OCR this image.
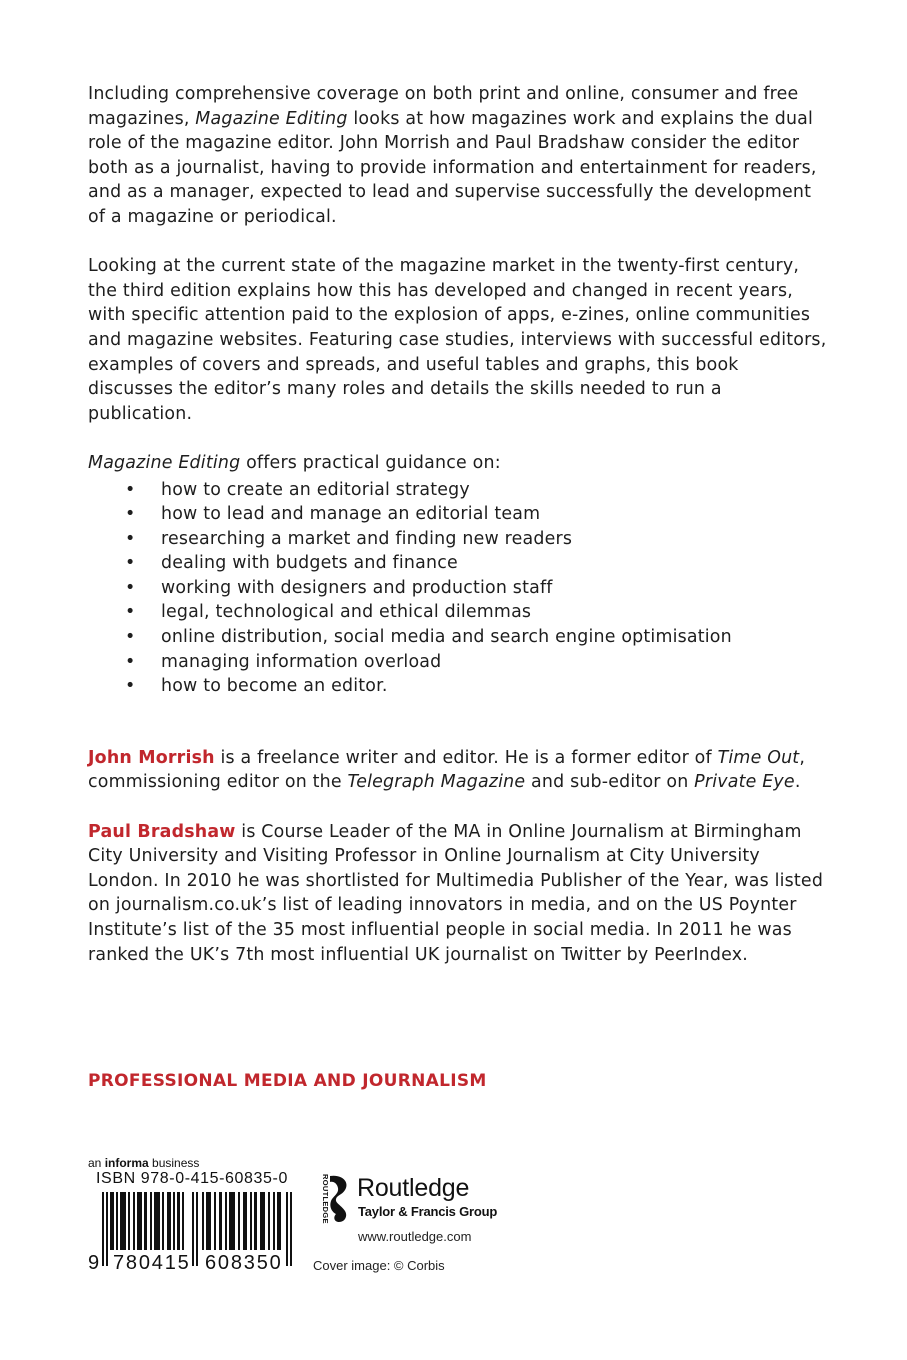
Including comprehensive coverage on both print and online, consumer and free magazines, Magazine Editing looks at how magazines work and explains the dual role of the magazine editor. John Morrish and Paul Bradshaw consider the editor both as a journalist, having to provide information and entertainment for readers, and as a manager, expected to lead and supervise successfully the development of a magazine or periodical.

Looking at the current state of the magazine market in the twenty-first century, the third edition explains how this has developed and changed in recent years, with specific attention paid to the explosion of apps, e-zines, online communities and magazine websites. Featuring case studies, interviews with successful editors, examples of covers and spreads, and useful tables and graphs, this book discusses the editor’s many roles and details the skills needed to run a publication.

Magazine Editing offers practical guidance on:

• how to create an editorial strategy
• how to lead and manage an editorial team
• researching a market and finding new readers
• dealing with budgets and finance
• working with designers and production staff
• legal, technological and ethical dilemmas
• online distribution, social media and search engine optimisation
• managing information overload
• how to become an editor.

John Morrish is a freelance writer and editor. He is a former editor of Time Out,
commissioning editor on the Telegraph Magazine and sub-editor on Private Eye.

Paul Bradshaw is Course Leader of the MA in Online Journalism at Birmingham City University and Visiting Professor in Online Journalism at City University London. In 2010 he was shortlisted for Multimedia Publisher of the Year, was listed on journalism.co.uk’s list of leading innovators in media, and on the US Poynter Institute’s list of the 35 most influential people in social media. In 2011 he was ranked the UK’s 7th most influential UK journalist on Twitter by PeerIndex.

PROFESSIONAL MEDIA AND JOURNALISM
an informa business
ISBN 978-0-415-60835-0
9 780415 608350
ROUTLEDGE Routledge
Taylor & Francis Group
www.routledge.com
Cover image: © Corbis
